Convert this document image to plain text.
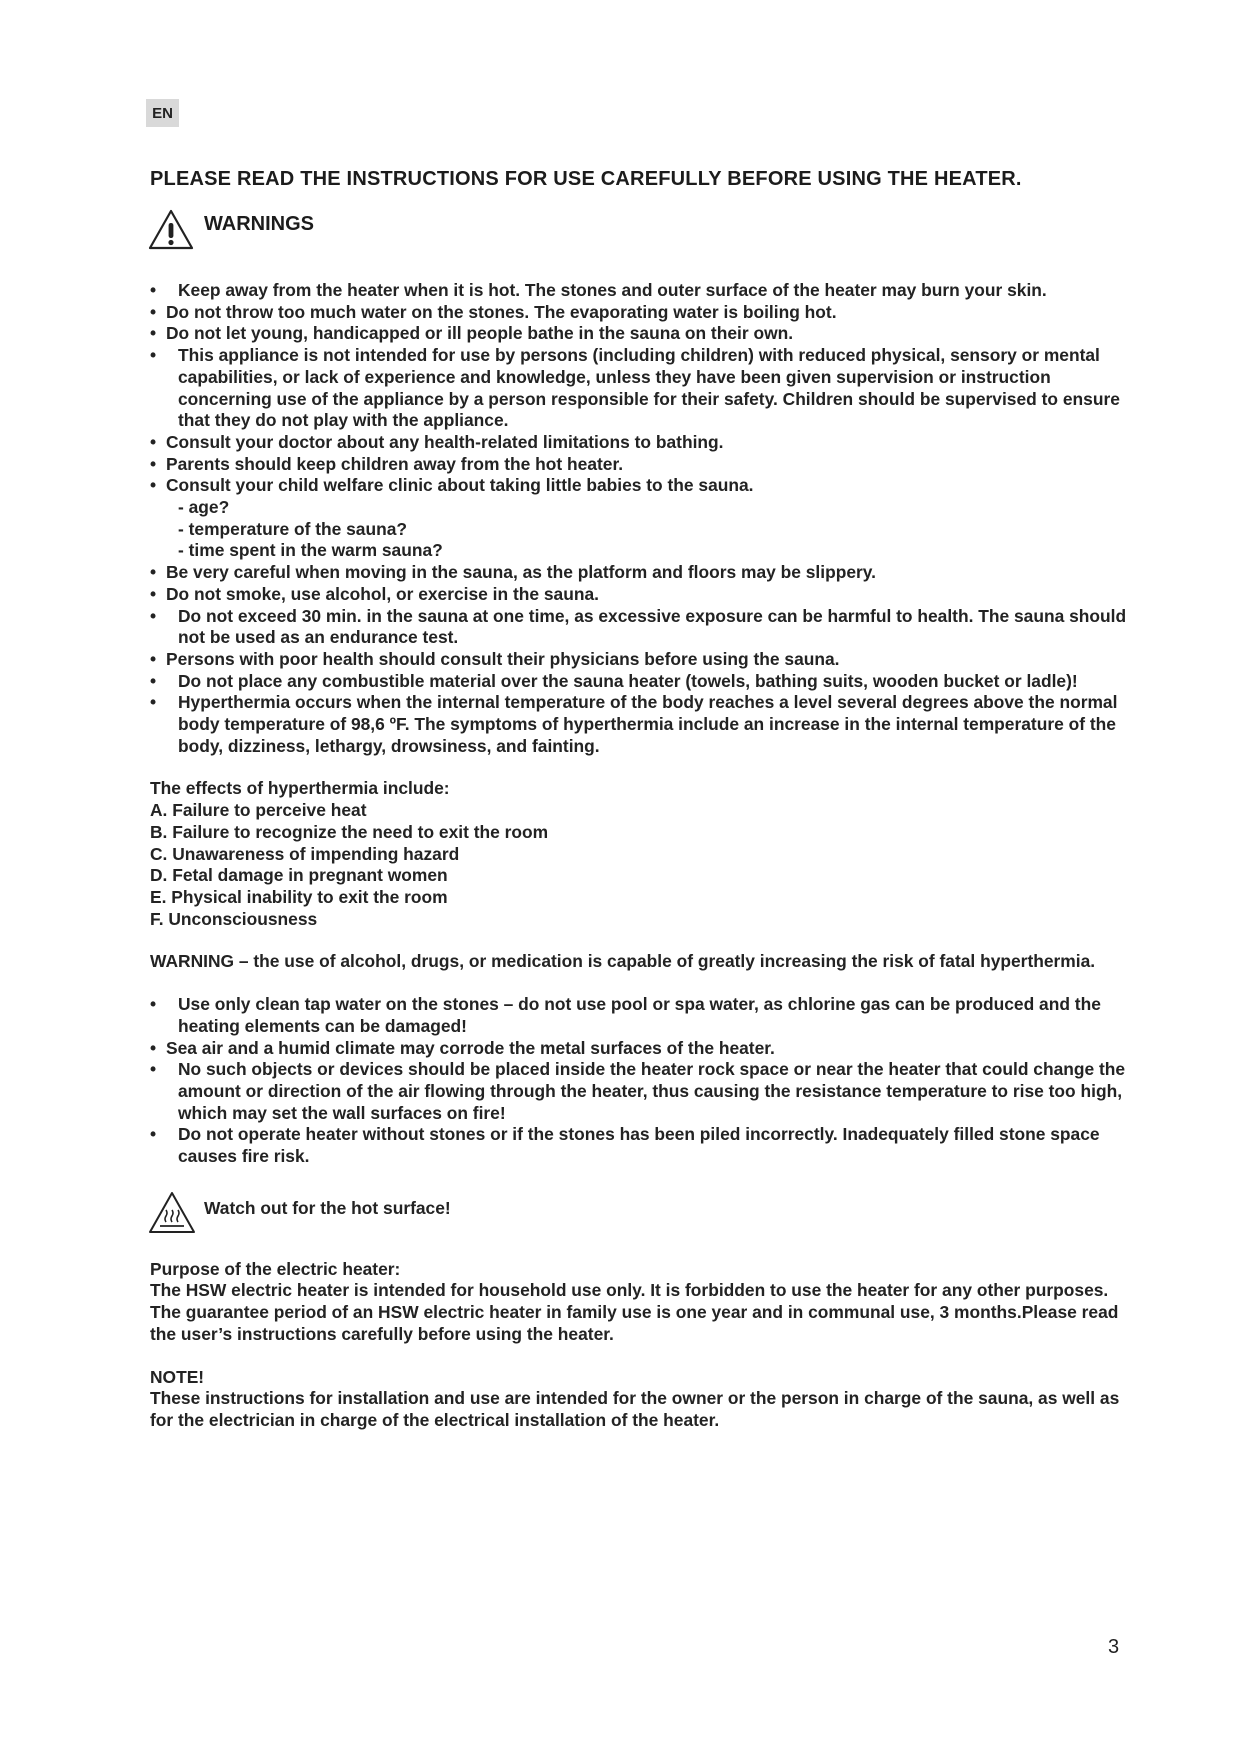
EN
PLEASE READ THE INSTRUCTIONS FOR USE CAREFULLY BEFORE USING THE HEATER.
WARNINGS
• Keep away from the heater when it is hot. The stones and outer surface of the heater may burn your skin.
• Do not throw too much water on the stones. The evaporating water is boiling hot.
• Do not let young, handicapped or ill people bathe in the sauna on their own.
• This appliance is not intended for use by persons (including children) with reduced physical, sensory or mental capabilities, or lack of experience and knowledge, unless they have been given supervision or instruction concerning use of the appliance by a person responsible for their safety. Children should be supervised to ensure that they do not play with the appliance.
• Consult your doctor about any health-related limitations to bathing.
• Parents should keep children away from the hot heater.
• Consult your child welfare clinic about taking little babies to the sauna.
- age?
- temperature of the sauna?
- time spent in the warm sauna?
• Be very careful when moving in the sauna, as the platform and floors may be slippery.
• Do not smoke, use alcohol, or exercise in the sauna.
• Do not exceed 30 min. in the sauna at one time, as excessive exposure can be harmful to health. The sauna should not be used as an endurance test.
• Persons with poor health should consult their physicians before using the sauna.
• Do not place any combustible material over the sauna heater (towels, bathing suits, wooden bucket or ladle)!
• Hyperthermia occurs when the internal temperature of the body reaches a level several degrees above the normal body temperature of 98,6 ºF. The symptoms of hyperthermia include an increase in the internal temperature of the body, dizziness, lethargy, drowsiness, and fainting.
The effects of hyperthermia include:
A. Failure to perceive heat
B. Failure to recognize the need to exit the room
C. Unawareness of impending hazard
D. Fetal damage in pregnant women
E. Physical inability to exit the room
F. Unconsciousness
WARNING – the use of alcohol, drugs, or medication is capable of greatly increasing the risk of fatal hyperthermia.
• Use only clean tap water on the stones – do not use pool or spa water, as chlorine gas can be produced and the heating elements can be damaged!
• Sea air and a humid climate may corrode the metal surfaces of the heater.
• No such objects or devices should be placed inside the heater rock space or near the heater that could change the amount or direction of the air flowing through the heater, thus causing the resistance temperature to rise too high, which may set the wall surfaces on fire!
• Do not operate heater without stones or if the stones has been piled incorrectly. Inadequately filled stone space causes fire risk.
Watch out for the hot surface!
Purpose of the electric heater:
The HSW electric heater is intended for household use only. It is forbidden to use the heater for any other purposes. The guarantee period of an HSW electric heater in family use is one year and in communal use, 3 months.Please read the user’s instructions carefully before using the heater.
NOTE!
These instructions for installation and use are intended for the owner or the person in charge of the sauna, as well as for the electrician in charge of the electrical installation of the heater.
3
